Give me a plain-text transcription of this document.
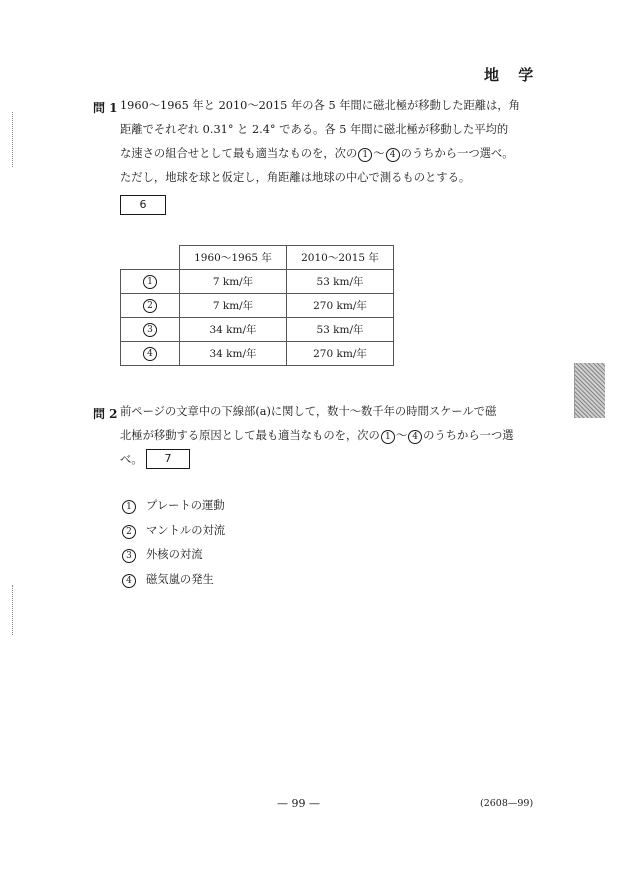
地 学
問 1 1960～1965 年と 2010～2015 年の各 5 年間に磁北極が移動した距離は，角
距離でそれぞれ 0.31° と 2.4° である。各 5 年間に磁北極が移動した平均的
な速さの組合せとして最も適当なものを，次の 1 ～ 4 のうちから一つ選べ。
ただし，地球を球と仮定し，角距離は地球の中心で測るものとする。
6
	1960～1965 年	2010～2015 年
1	7 km/年	53 km/年
2	7 km/年	270 km/年
3	34 km/年	53 km/年
4	34 km/年	270 km/年
問 2 前ページの文章中の下線部(a)に関して，数十～数千年の時間スケールで磁
北極が移動する原因として最も適当なものを，次の 1 ～ 4 のうちから一つ選
べ。	7
1 プレートの運動
2 マントルの対流
3 外核の対流
4 磁気嵐の発生
— 99 —	(2608—99)
